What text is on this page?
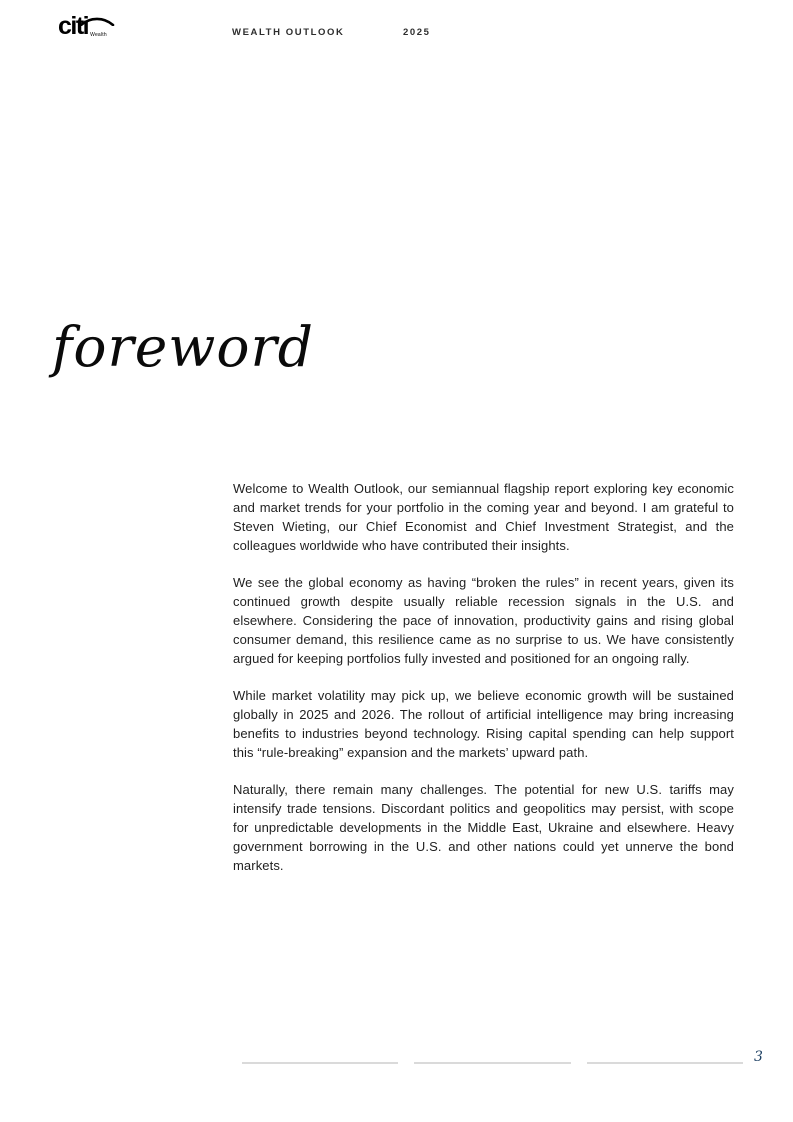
citi Wealth	WEALTH OUTLOOK	2025
foreword

Welcome to Wealth Outlook, our semiannual flagship report exploring key economic and market trends for your portfolio in the coming year and beyond. I am grateful to Steven Wieting, our Chief Economist and Chief Investment Strategist, and the colleagues worldwide who have contributed their insights.

We see the global economy as having “broken the rules” in recent years, given its continued growth despite usually reliable recession signals in the U.S. and elsewhere. Considering the pace of innovation, productivity gains and rising global consumer demand, this resilience came as no surprise to us. We have consistently argued for keeping portfolios fully invested and positioned for an ongoing rally.

While market volatility may pick up, we believe economic growth will be sustained globally in 2025 and 2026. The rollout of artificial intelligence may bring increasing benefits to industries beyond technology. Rising capital spending can help support this “rule-breaking” expansion and the markets’ upward path.

Naturally, there remain many challenges. The potential for new U.S. tariffs may intensify trade tensions. Discordant politics and geopolitics may persist, with scope for unpredictable developments in the Middle East, Ukraine and elsewhere. Heavy government borrowing in the U.S. and other nations could yet unnerve the bond markets.

3
